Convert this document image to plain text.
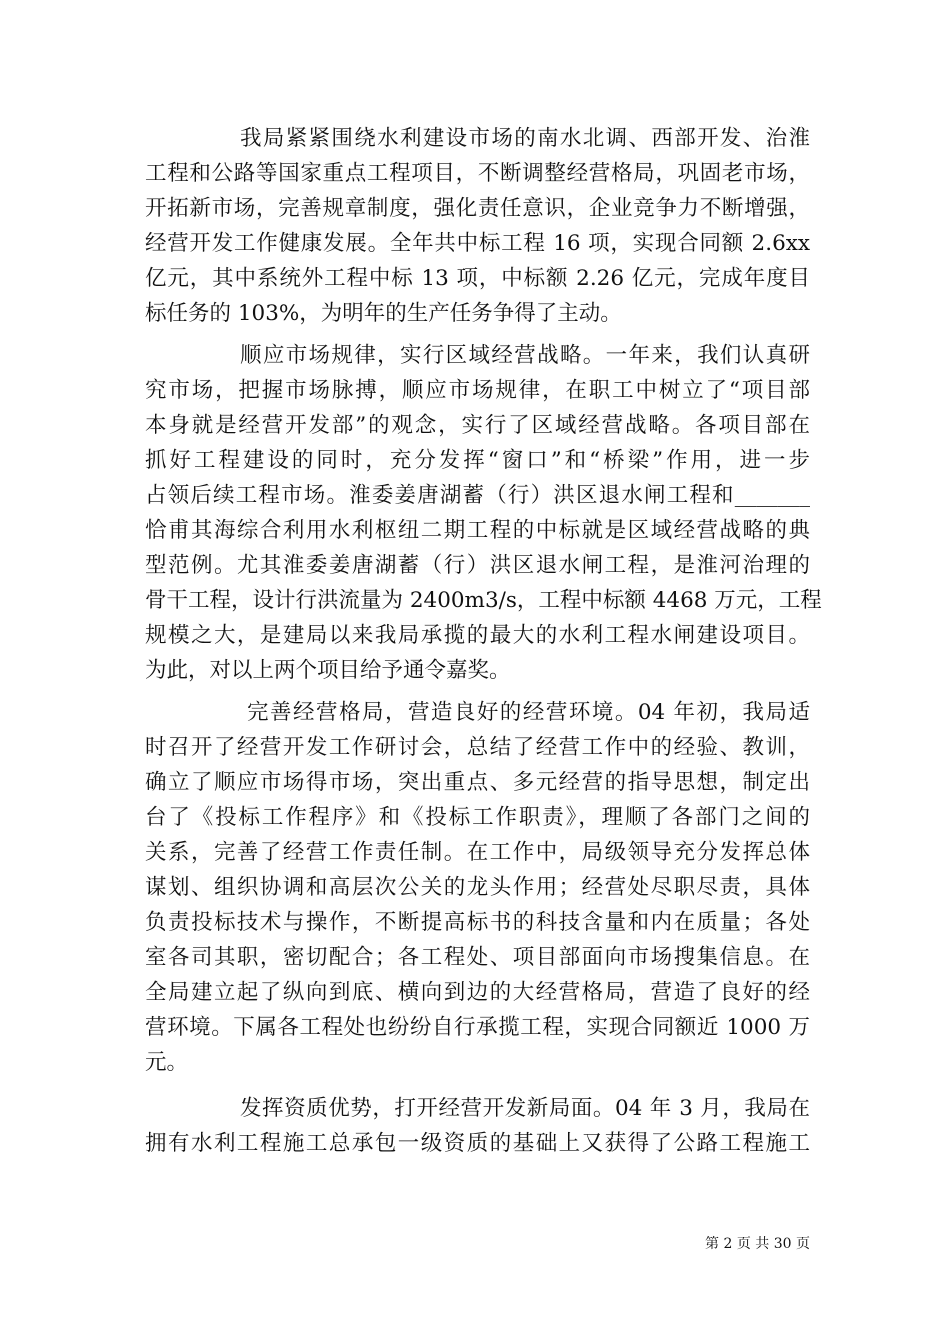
我局紧紧围绕水利建设市场的南水北调、西部开发、治淮
工程和公路等国家重点工程项目，不断调整经营格局，巩固老市场，
开拓新市场，完善规章制度，强化责任意识，企业竞争力不断增强，
经营开发工作健康发展。全年共中标工程 16 项，实现合同额 2.6xx
亿元，其中系统外工程中标 13 项，中标额 2.26 亿元，完成年度目
标任务的 103%，为明年的生产任务争得了主动。
顺应市场规律，实行区域经营战略。一年来，我们认真研
究市场，把握市场脉搏，顺应市场规律，在职工中树立了“项目部
本身就是经营开发部”的观念，实行了区域经营战略。各项目部在
抓好工程建设的同时，充分发挥“窗口”和“桥梁”作用，进一步
占领后续工程市场。淮委姜唐湖蓄（行）洪区退水闸工程和_______
恰甫其海综合利用水利枢纽二期工程的中标就是区域经营战略的典
型范例。尤其淮委姜唐湖蓄（行）洪区退水闸工程，是淮河治理的
骨干工程，设计行洪流量为 2400m3/s，工程中标额 4468 万元，工程
规模之大，是建局以来我局承揽的最大的水利工程水闸建设项目。
为此，对以上两个项目给予通令嘉奖。
完善经营格局，营造良好的经营环境。04 年初，我局适
时召开了经营开发工作研讨会，总结了经营工作中的经验、教训，
确立了顺应市场得市场，突出重点、多元经营的指导思想，制定出
台了《投标工作程序》和《投标工作职责》，理顺了各部门之间的
关系，完善了经营工作责任制。在工作中，局级领导充分发挥总体
谋划、组织协调和高层次公关的龙头作用；经营处尽职尽责，具体
负责投标技术与操作，不断提高标书的科技含量和内在质量；各处
室各司其职，密切配合；各工程处、项目部面向市场搜集信息。在
全局建立起了纵向到底、横向到边的大经营格局，营造了良好的经
营环境。下属各工程处也纷纷自行承揽工程，实现合同额近 1000 万
元。
发挥资质优势，打开经营开发新局面。04 年 3 月，我局在
拥有水利工程施工总承包一级资质的基础上又获得了公路工程施工
第 2 页 共 30 页
